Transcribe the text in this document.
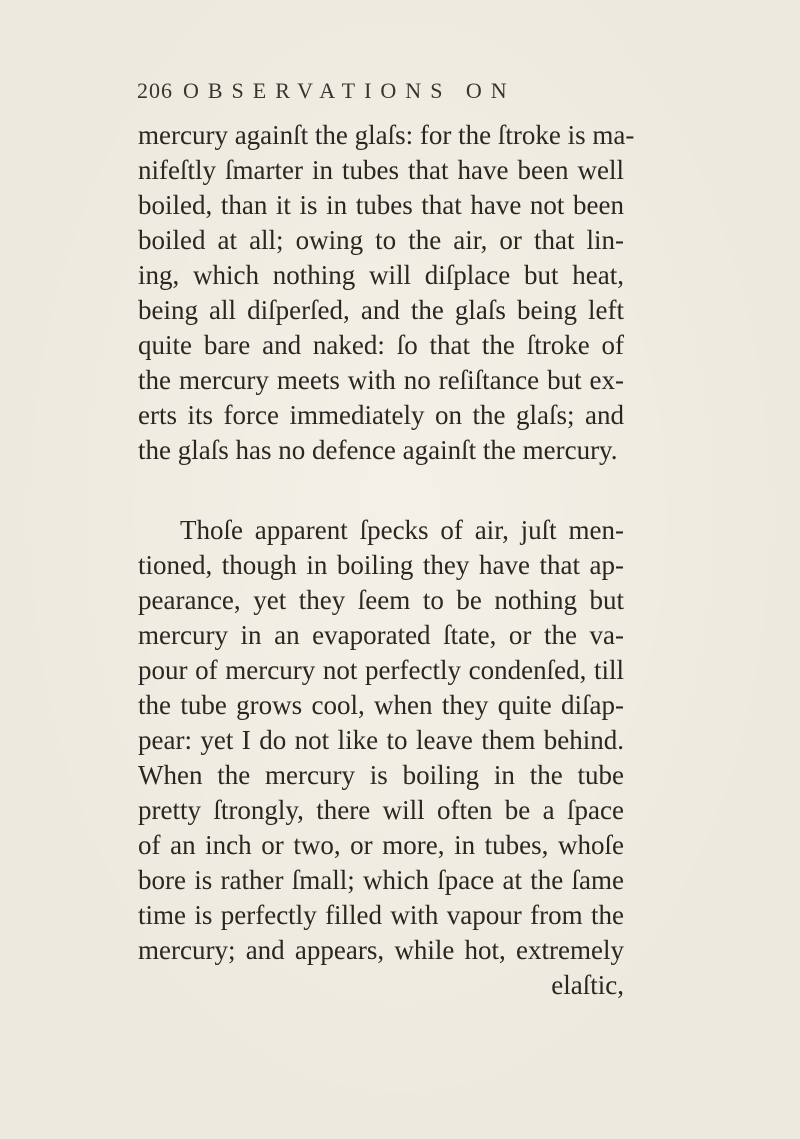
206 OBSERVATIONS ON
mercury againſt the glaſs: for the ſtroke is ma-
nifeſtly ſmarter in tubes that have been well
boiled, than it is in tubes that have not been
boiled at all; owing to the air, or that lin-
ing, which nothing will diſplace but heat,
being all diſperſed, and the glaſs being left
quite bare and naked: ſo that the ſtroke of
the mercury meets with no reſiſtance but ex-
erts its force immediately on the glaſs; and
the glaſs has no defence againſt the mercury.
Thoſe apparent ſpecks of air, juſt men-
tioned, though in boiling they have that ap-
pearance, yet they ſeem to be nothing but
mercury in an evaporated ſtate, or the va-
pour of mercury not perfectly condenſed, till
the tube grows cool, when they quite diſap-
pear: yet I do not like to leave them behind.
When the mercury is boiling in the tube
pretty ſtrongly, there will often be a ſpace
of an inch or two, or more, in tubes, whoſe
bore is rather ſmall; which ſpace at the ſame
time is perfectly filled with vapour from the
mercury; and appears, while hot, extremely
elaſtic,
